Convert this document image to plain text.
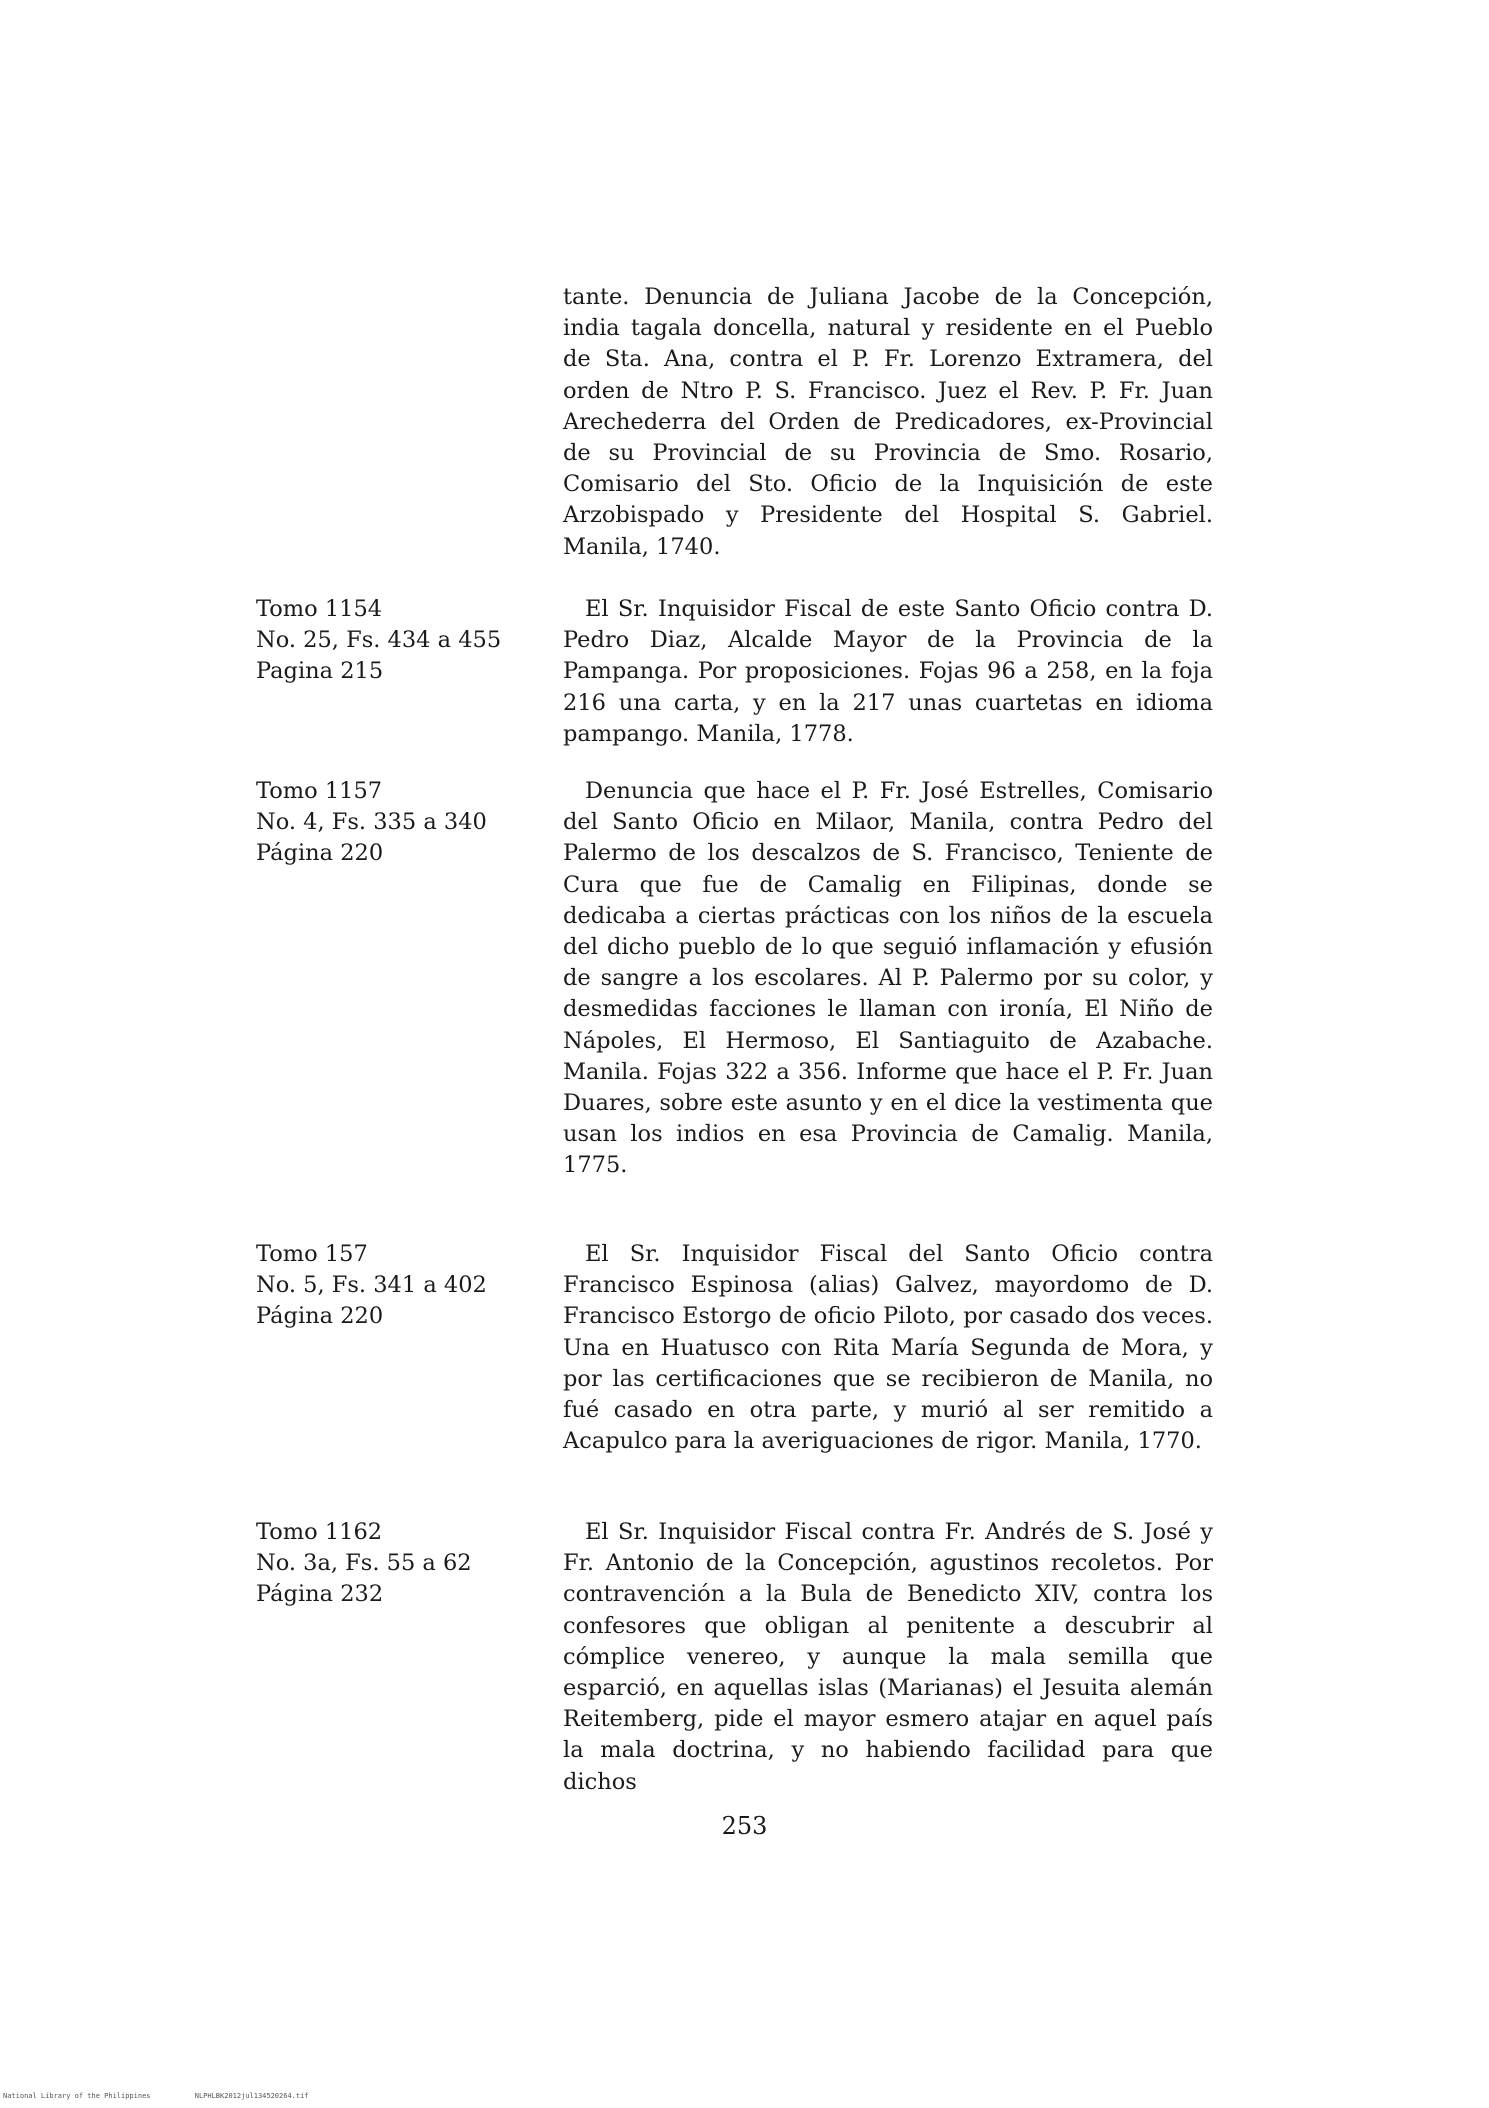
tante. Denuncia de Juliana Jacobe de la Concepción, india tagala doncella, natural y residente en el Pueblo de Sta. Ana, contra el P. Fr. Lorenzo Extramera, del orden de Ntro P. S. Francisco. Juez el Rev. P. Fr. Juan Arechederra del Orden de Predicadores, ex-Provincial de su Provincial de su Provincia de Smo. Rosario, Comisario del Sto. Oficio de la Inquisición de este Arzobispado y Presidente del Hospital S. Gabriel. Manila, 1740.

Tomo 1154
No. 25, Fs. 434 a 455
Pagina 215

El Sr. Inquisidor Fiscal de este Santo Oficio contra D. Pedro Diaz, Alcalde Mayor de la Provincia de la Pampanga. Por proposiciones. Fojas 96 a 258, en la foja 216 una carta, y en la 217 unas cuartetas en idioma pampango. Manila, 1778.

Tomo 1157
No. 4, Fs. 335 a 340
Página 220

Denuncia que hace el P. Fr. José Estrelles, Comisario del Santo Oficio en Milaor, Manila, contra Pedro del Palermo de los descalzos de S. Francisco, Teniente de Cura que fue de Camalig en Filipinas, donde se dedicaba a ciertas prácticas con los niños de la escuela del dicho pueblo de lo que seguió inflamación y efusión de sangre a los escolares. Al P. Palermo por su color, y desmedidas facciones le llaman con ironía, El Niño de Nápoles, El Hermoso, El Santiaguito de Azabache. Manila. Fojas 322 a 356. Informe que hace el P. Fr. Juan Duares, sobre este asunto y en el dice la vestimenta que usan los indios en esa Provincia de Camalig. Manila, 1775.

Tomo 157
No. 5, Fs. 341 a 402
Página 220

El Sr. Inquisidor Fiscal del Santo Oficio contra Francisco Espinosa (alias) Galvez, mayordomo de D. Francisco Estorgo de oficio Piloto, por casado dos veces. Una en Huatusco con Rita María Segunda de Mora, y por las certificaciones que se recibieron de Manila, no fué casado en otra parte, y murió al ser remitido a Acapulco para la averiguaciones de rigor. Manila, 1770.

Tomo 1162
No. 3a, Fs. 55 a 62
Página 232

El Sr. Inquisidor Fiscal contra Fr. Andrés de S. José y Fr. Antonio de la Concepción, agustinos recoletos. Por contravención a la Bula de Benedicto XIV, contra los confesores que obligan al penitente a descubrir al cómplice venereo, y aunque la mala semilla que esparció, en aquellas islas (Marianas) el Jesuita alemán Reitemberg, pide el mayor esmero atajar en aquel país la mala doctrina, y no habiendo facilidad para que dichos

253
National Library of the Philippines	NLPHLBK2012jul134520264.tif
